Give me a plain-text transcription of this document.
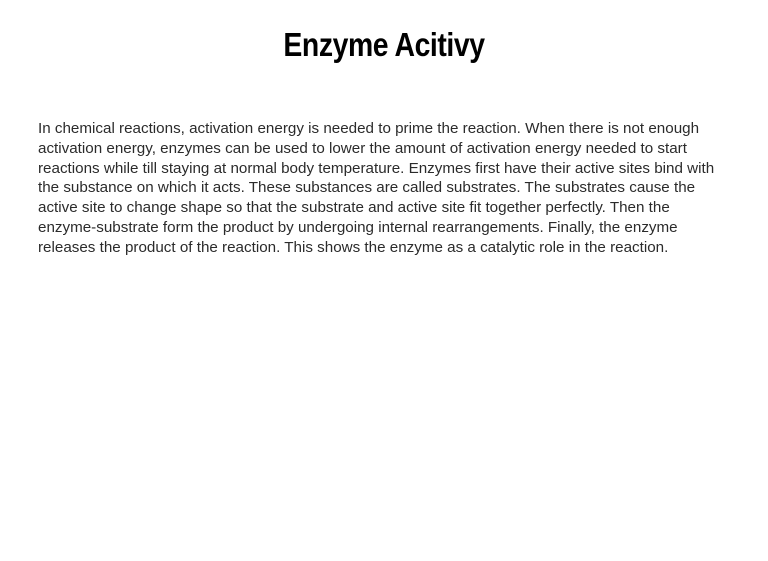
Enzyme Acitivy

In chemical reactions, activation energy is needed to prime the reaction. When there is not enough activation energy, enzymes can be used to lower the amount of activation energy needed to start reactions while till staying at normal body temperature. Enzymes first have their active sites bind with the substance on which it acts. These substances are called substrates. The substrates cause the active site to change shape so that the substrate and active site fit together perfectly. Then the enzyme-substrate form the product by undergoing internal rearrangements. Finally, the enzyme releases the product of the reaction. This shows the enzyme as a catalytic role in the reaction.
